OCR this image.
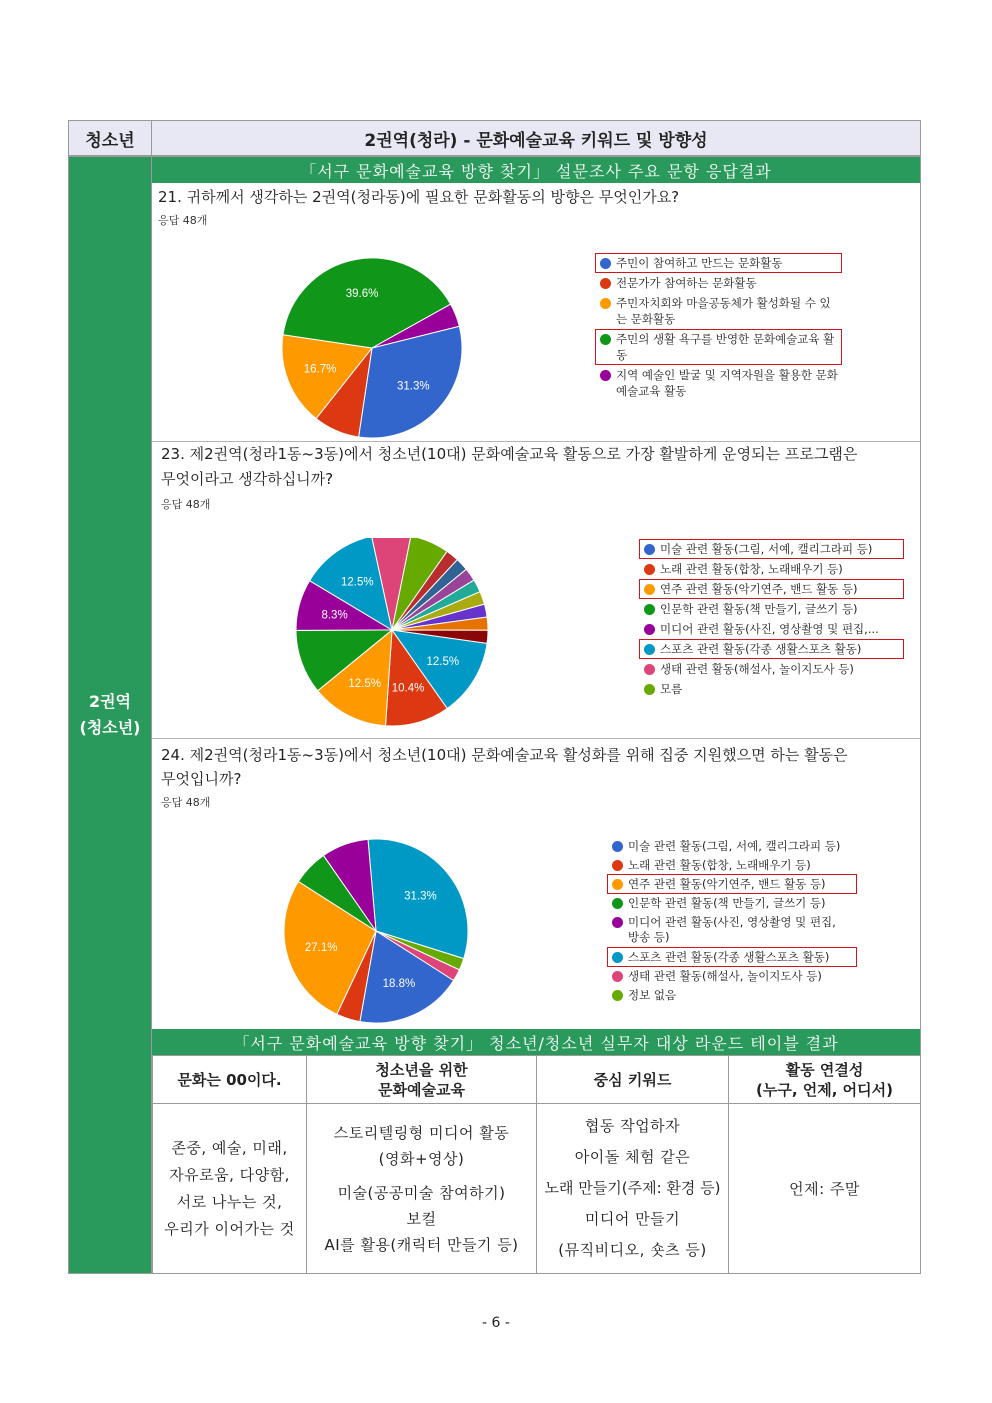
청소년	2권역(청라) - 문화예술교육 키워드 및 방향성
2권역
(청소년)
「서구 문화예술교육 방향 찾기」 설문조사 주요 문항 응답결과
21. 귀하께서 생각하는 2권역(청라동)에 필요한 문화활동의 방향은 무엇인가요?
응답 48개
31.3%
16.7%
39.6%
주민이 참여하고 만드는 문화활동
전문가가 참여하는 문화활동
주민자치회와 마을공동체가 활성화될 수 있는 문화활동
주민의 생활 욕구를 반영한 문화예술교육 활동
지역 예술인 발굴 및 지역자원을 활용한 문화예술교육 활동
23. 제2권역(청라1동~3동)에서 청소년(10대) 문화예술교육 활동으로 가장 활발하게 운영되는 프로그램은
무엇이라고 생각하십니까?
응답 48개
12.5%
10.4%
12.5%
8.3%
12.5%
미술 관련 활동(그림, 서예, 캘리그라피 등)
노래 관련 활동(합창, 노래배우기 등)
연주 관련 활동(악기연주, 밴드 활동 등)
인문학 관련 활동(책 만들기, 글쓰기 등)
미디어 관련 활동(사진, 영상촬영 및 편집,...
스포츠 관련 활동(각종 생활스포츠 활동)
생태 관련 활동(해설사, 놀이지도사 등)
모름
24. 제2권역(청라1동~3동)에서 청소년(10대) 문화예술교육 활성화를 위해 집중 지원했으면 하는 활동은
무엇입니까?
응답 48개
31.3%
18.8%
27.1%
미술 관련 활동(그림, 서예, 캘리그라피 등)
노래 관련 활동(합창, 노래배우기 등)
연주 관련 활동(악기연주, 밴드 활동 등)
인문학 관련 활동(책 만들기, 글쓰기 등)
미디어 관련 활동(사진, 영상촬영 및 편집,
방송 등)
스포츠 관련 활동(각종 생활스포츠 활동)
생태 관련 활동(해설사, 놀이지도사 등)
정보 없음
「서구 문화예술교육 방향 찾기」 청소년/청소년 실무자 대상 라운드 테이블 결과
문화는 00이다.
청소년을 위한
문화예술교육
중심 키워드
활동 연결성
(누구, 언제, 어디서)
존중, 예술, 미래,
자유로움, 다양함,
서로 나누는 것,
우리가 이어가는 것
스토리텔링형 미디어 활동
(영화+영상)
미술(공공미술 참여하기)
보컬
AI를 활용(캐릭터 만들기 등)
협동 작업하자
아이돌 체험 같은
노래 만들기(주제: 환경 등)
미디어 만들기
(뮤직비디오, 숏츠 등)
언제: 주말
- 6 -
